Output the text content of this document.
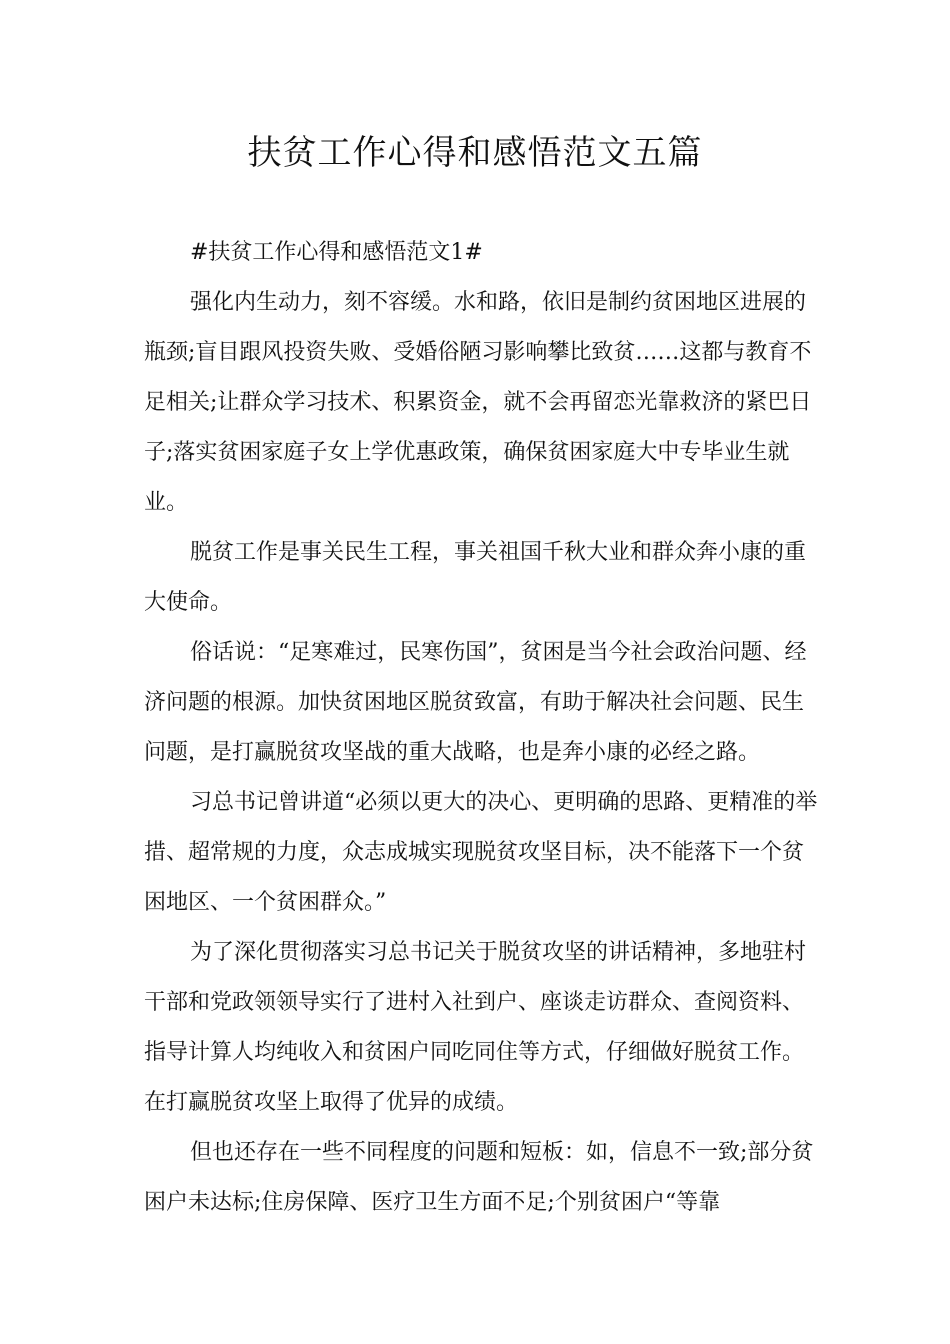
扶贫工作心得和感悟范文五篇

#扶贫工作心得和感悟范文1#

强化内生动力，刻不容缓。水和路，依旧是制约贫困地区进展的瓶颈;盲目跟风投资失败、受婚俗陋习影响攀比致贫……这都与教育不足相关;让群众学习技术、积累资金，就不会再留恋光靠救济的紧巴日子;落实贫困家庭子女上学优惠政策，确保贫困家庭大中专毕业生就业。

脱贫工作是事关民生工程，事关祖国千秋大业和群众奔小康的重大使命。

俗话说：“足寒难过，民寒伤国”，贫困是当今社会政治问题、经济问题的根源。加快贫困地区脱贫致富，有助于解决社会问题、民生问题，是打赢脱贫攻坚战的重大战略，也是奔小康的必经之路。

习总书记曾讲道“必须以更大的决心、更明确的思路、更精准的举措、超常规的力度，众志成城实现脱贫攻坚目标，决不能落下一个贫困地区、一个贫困群众。”

为了深化贯彻落实习总书记关于脱贫攻坚的讲话精神，多地驻村干部和党政领领导实行了进村入社到户、座谈走访群众、查阅资料、指导计算人均纯收入和贫困户同吃同住等方式，仔细做好脱贫工作。在打赢脱贫攻坚上取得了优异的成绩。

但也还存在一些不同程度的问题和短板：如，信息不一致;部分贫困户未达标;住房保障、医疗卫生方面不足;个别贫困户“等靠
